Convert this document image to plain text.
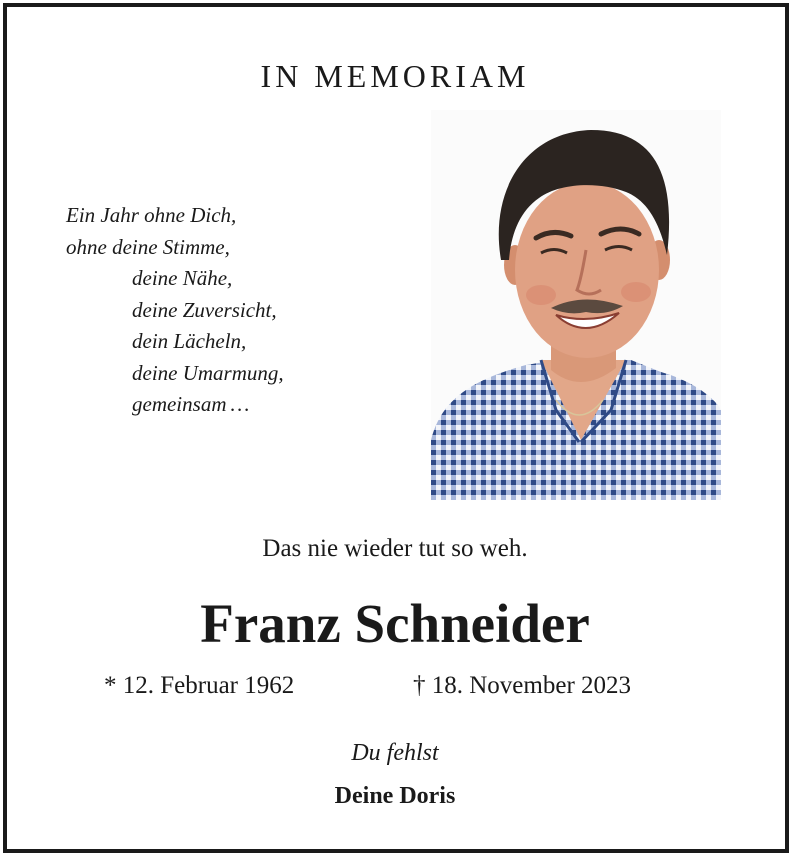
IN MEMORIAM
Ein Jahr ohne Dich,
ohne deine Stimme,
deine Nähe,
deine Zuversicht,
dein Lächeln,
deine Umarmung,
gemeinsam …
Das nie wieder tut so weh.
Franz Schneider
* 12. Februar 1962	† 18. November 2023
Du fehlst
Deine Doris
